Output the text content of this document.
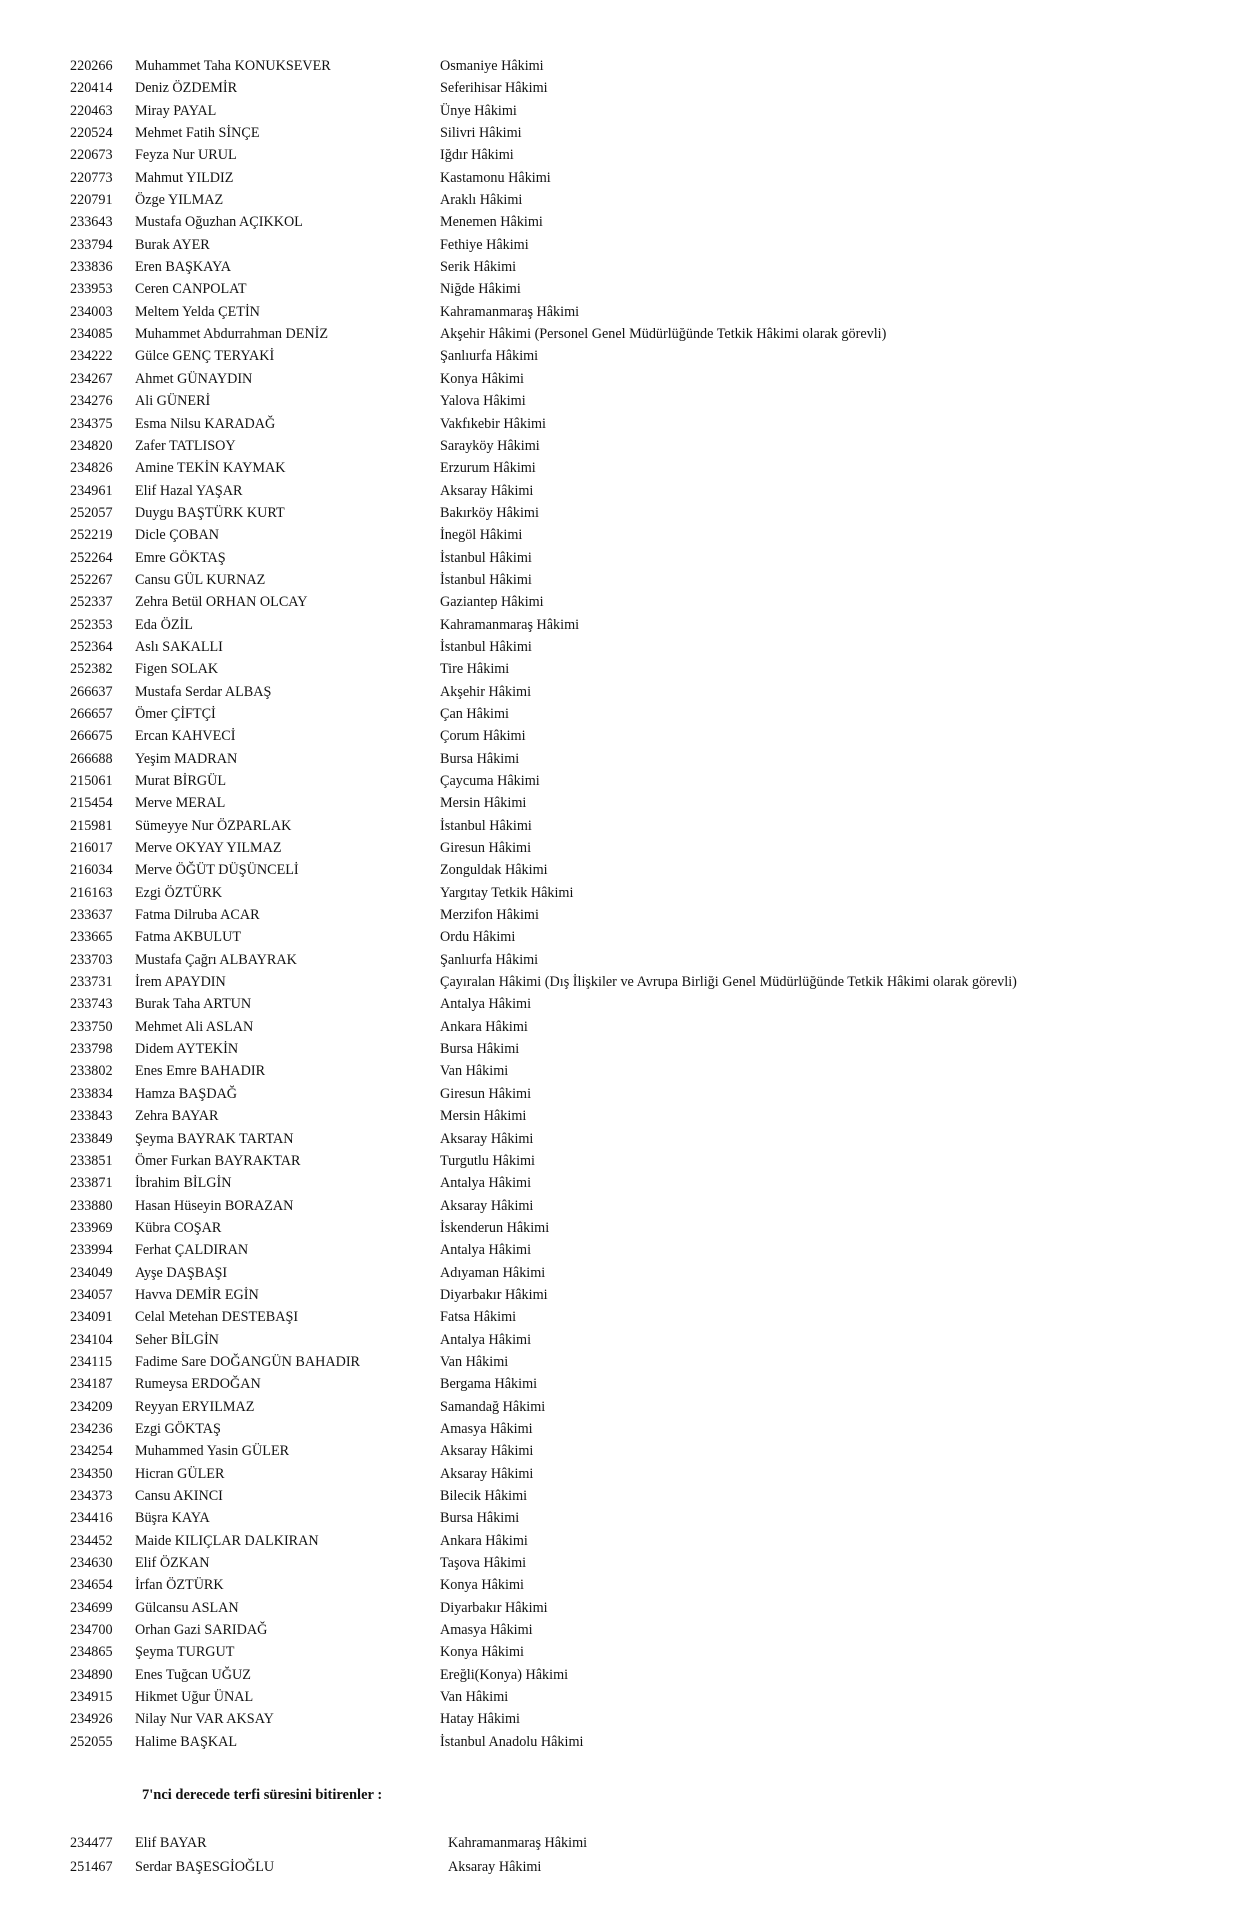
220266 Muhammet Taha KONUKSEVER	Osmaniye Hâkimi
220414 Deniz ÖZDEMİR	Seferihisar Hâkimi
220463 Miray PAYAL	Ünye Hâkimi
220524 Mehmet Fatih SİNÇE	Silivri Hâkimi
220673 Feyza Nur URUL	Iğdır Hâkimi
220773 Mahmut YILDIZ	Kastamonu Hâkimi
220791 Özge YILMAZ	Araklı Hâkimi
233643 Mustafa Oğuzhan AÇIKKOL	Menemen Hâkimi
233794 Burak AYER	Fethiye Hâkimi
233836 Eren BAŞKAYA	Serik Hâkimi
233953 Ceren CANPOLAT	Niğde Hâkimi
234003 Meltem Yelda ÇETİN	Kahramanmaraş Hâkimi
234085 Muhammet Abdurrahman DENİZ	Akşehir Hâkimi (Personel Genel Müdürlüğünde Tetkik Hâkimi olarak görevli)
234222 Gülce GENÇ TERYAKİ	Şanlıurfa Hâkimi
234267 Ahmet GÜNAYDIN	Konya Hâkimi
234276 Ali GÜNERİ	Yalova Hâkimi
234375 Esma Nilsu KARADAĞ	Vakfıkebir Hâkimi
234820 Zafer TATLISOY	Sarayköy Hâkimi
234826 Amine TEKİN KAYMAK	Erzurum Hâkimi
234961 Elif Hazal YAŞAR	Aksaray Hâkimi
252057 Duygu BAŞTÜRK KURT	Bakırköy Hâkimi
252219 Dicle ÇOBAN	İnegöl Hâkimi
252264 Emre GÖKTAŞ	İstanbul Hâkimi
252267 Cansu GÜL KURNAZ	İstanbul Hâkimi
252337 Zehra Betül ORHAN OLCAY	Gaziantep Hâkimi
252353 Eda ÖZİL	Kahramanmaraş Hâkimi
252364 Aslı SAKALLI	İstanbul Hâkimi
252382 Figen SOLAK	Tire Hâkimi
266637 Mustafa Serdar ALBAŞ	Akşehir Hâkimi
266657 Ömer ÇİFTÇİ	Çan Hâkimi
266675 Ercan KAHVECİ	Çorum Hâkimi
266688 Yeşim MADRAN	Bursa Hâkimi
215061 Murat BİRGÜL	Çaycuma Hâkimi
215454 Merve MERAL	Mersin Hâkimi
215981 Sümeyye Nur ÖZPARLAK	İstanbul Hâkimi
216017 Merve OKYAY YILMAZ	Giresun Hâkimi
216034 Merve ÖĞÜT DÜŞÜNCELİ	Zonguldak Hâkimi
216163 Ezgi ÖZTÜRK	Yargıtay Tetkik Hâkimi
233637 Fatma Dilruba ACAR	Merzifon Hâkimi
233665 Fatma AKBULUT	Ordu Hâkimi
233703 Mustafa Çağrı ALBAYRAK	Şanlıurfa Hâkimi
233731 İrem APAYDIN	Çayıralan Hâkimi (Dış İlişkiler ve Avrupa Birliği Genel Müdürlüğünde Tetkik Hâkimi olarak görevli)
233743 Burak Taha ARTUN	Antalya Hâkimi
233750 Mehmet Ali ASLAN	Ankara Hâkimi
233798 Didem AYTEKİN	Bursa Hâkimi
233802 Enes Emre BAHADIR	Van Hâkimi
233834 Hamza BAŞDAĞ	Giresun Hâkimi
233843 Zehra BAYAR	Mersin Hâkimi
233849 Şeyma BAYRAK TARTAN	Aksaray Hâkimi
233851 Ömer Furkan BAYRAKTAR	Turgutlu Hâkimi
233871 İbrahim BİLGİN	Antalya Hâkimi
233880 Hasan Hüseyin BORAZAN	Aksaray Hâkimi
233969 Kübra COŞAR	İskenderun Hâkimi
233994 Ferhat ÇALDIRAN	Antalya Hâkimi
234049 Ayşe DAŞBAŞI	Adıyaman Hâkimi
234057 Havva DEMİR EGİN	Diyarbakır Hâkimi
234091 Celal Metehan DESTEBAŞI	Fatsa Hâkimi
234104 Seher BİLGİN	Antalya Hâkimi
234115 Fadime Sare DOĞANGÜN BAHADIR	Van Hâkimi
234187 Rumeysa ERDOĞAN	Bergama Hâkimi
234209 Reyyan ERYILMAZ	Samandağ Hâkimi
234236 Ezgi GÖKTAŞ	Amasya Hâkimi
234254 Muhammed Yasin GÜLER	Aksaray Hâkimi
234350 Hicran GÜLER	Aksaray Hâkimi
234373 Cansu AKINCI	Bilecik Hâkimi
234416 Büşra KAYA	Bursa Hâkimi
234452 Maide KILIÇLAR DALKIRAN	Ankara Hâkimi
234630 Elif ÖZKAN	Taşova Hâkimi
234654 İrfan ÖZTÜRK	Konya Hâkimi
234699 Gülcansu ASLAN	Diyarbakır Hâkimi
234700 Orhan Gazi SARIDAĞ	Amasya Hâkimi
234865 Şeyma TURGUT	Konya Hâkimi
234890 Enes Tuğcan UĞUZ	Ereğli(Konya) Hâkimi
234915 Hikmet Uğur ÜNAL	Van Hâkimi
234926 Nilay Nur VAR AKSAY	Hatay Hâkimi
252055 Halime BAŞKAL	İstanbul Anadolu Hâkimi
7'nci derecede terfi süresini bitirenler :
234477 Elif BAYAR	Kahramanmaraş Hâkimi
251467 Serdar BAŞESGİOĞLU	Aksaray Hâkimi
